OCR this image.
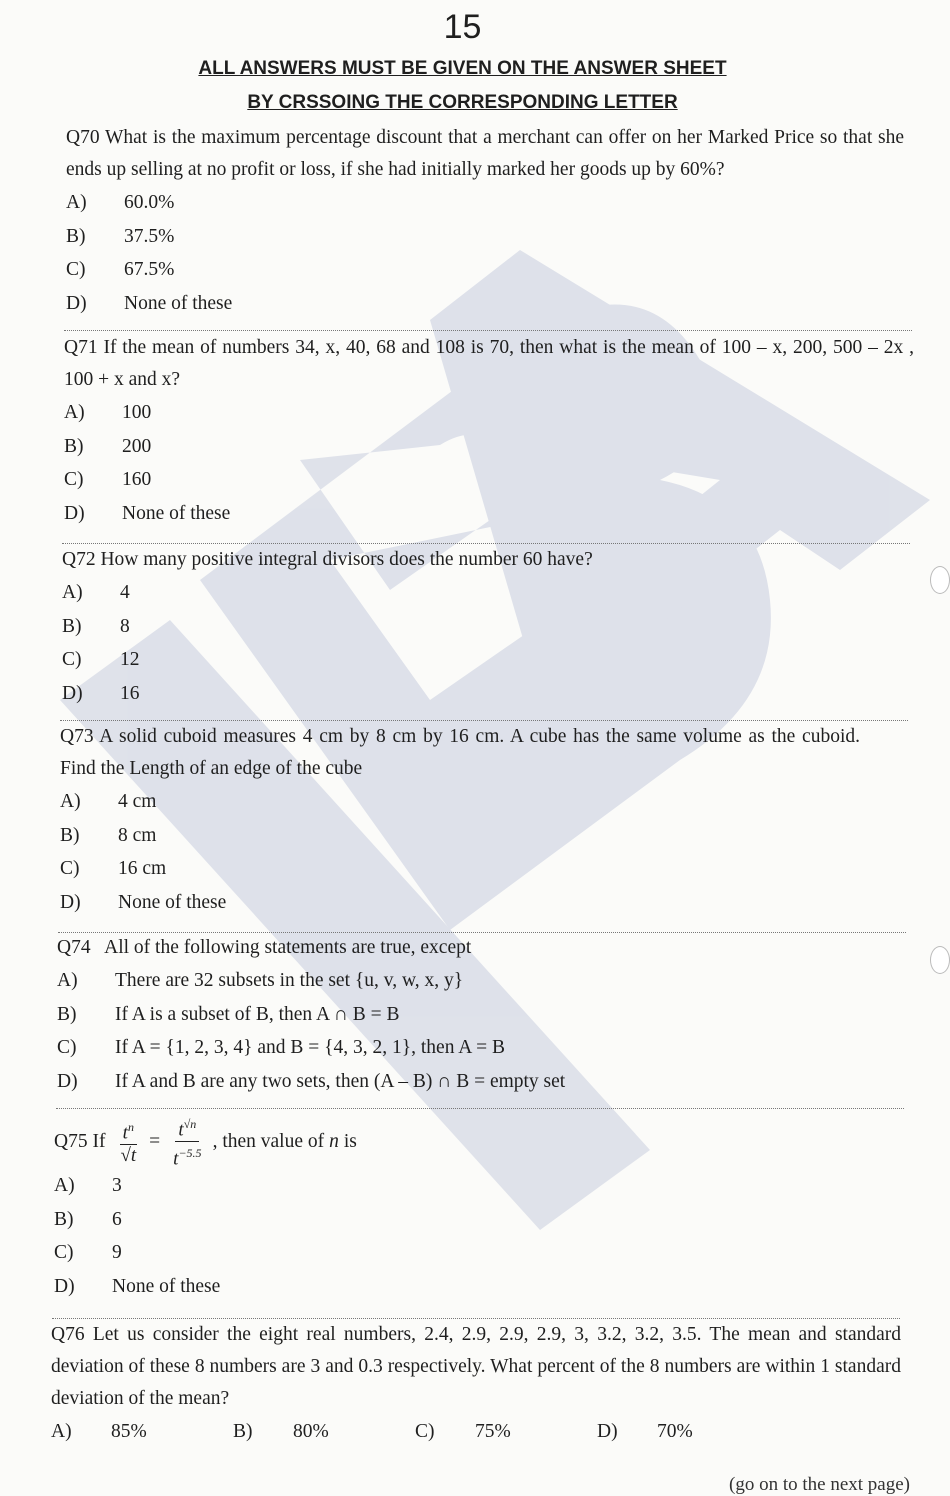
15
ALL ANSWERS MUST BE GIVEN ON THE ANSWER SHEET
BY CRSSOING THE CORRESPONDING LETTER
Q70 What is the maximum percentage discount that a merchant can offer on her Marked Price so that she ends up selling at no profit or loss, if she had initially marked her goods up by 60%?
A) 60.0%
B) 37.5%
C) 67.5%
D) None of these
Q71 If the mean of numbers 34, x, 40, 68 and 108 is 70, then what is the mean of 100 – x, 200, 500 – 2x , 100 + x and x?
A) 100
B) 200
C) 160
D) None of these
Q72 How many positive integral divisors does the number 60 have?
A) 4
B) 8
C) 12
D) 16
Q73 A solid cuboid measures 4 cm by 8 cm by 16 cm. A cube has the same volume as the cuboid. Find the Length of an edge of the cube
A) 4 cm
B) 8 cm
C) 16 cm
D) None of these
Q74   All of the following statements are true, except
A) There are 32 subsets in the set {u, v, w, x, y}
B) If A is a subset of B, then A ∩ B = B
C) If A = {1, 2, 3, 4} and B = {4, 3, 2, 1}, then A = B
D) If A and B are any two sets, then (A – B) ∩ B = empty set
Q75 If $\frac{t^n}{√t} = \frac{t^{√n}}{t^{-5.5}}$ , then value of n is
A) 3
B) 6
C) 9
D) None of these
Q76 Let us consider the eight real numbers, 2.4, 2.9, 2.9, 2.9, 3, 3.2, 3.2, 3.5. The mean and standard deviation of these 8 numbers are 3 and 0.3 respectively. What percent of the 8 numbers are within 1 standard deviation of the mean?
A) 85%	B) 80%	C) 75%	D) 70%
(go on to the next page)
